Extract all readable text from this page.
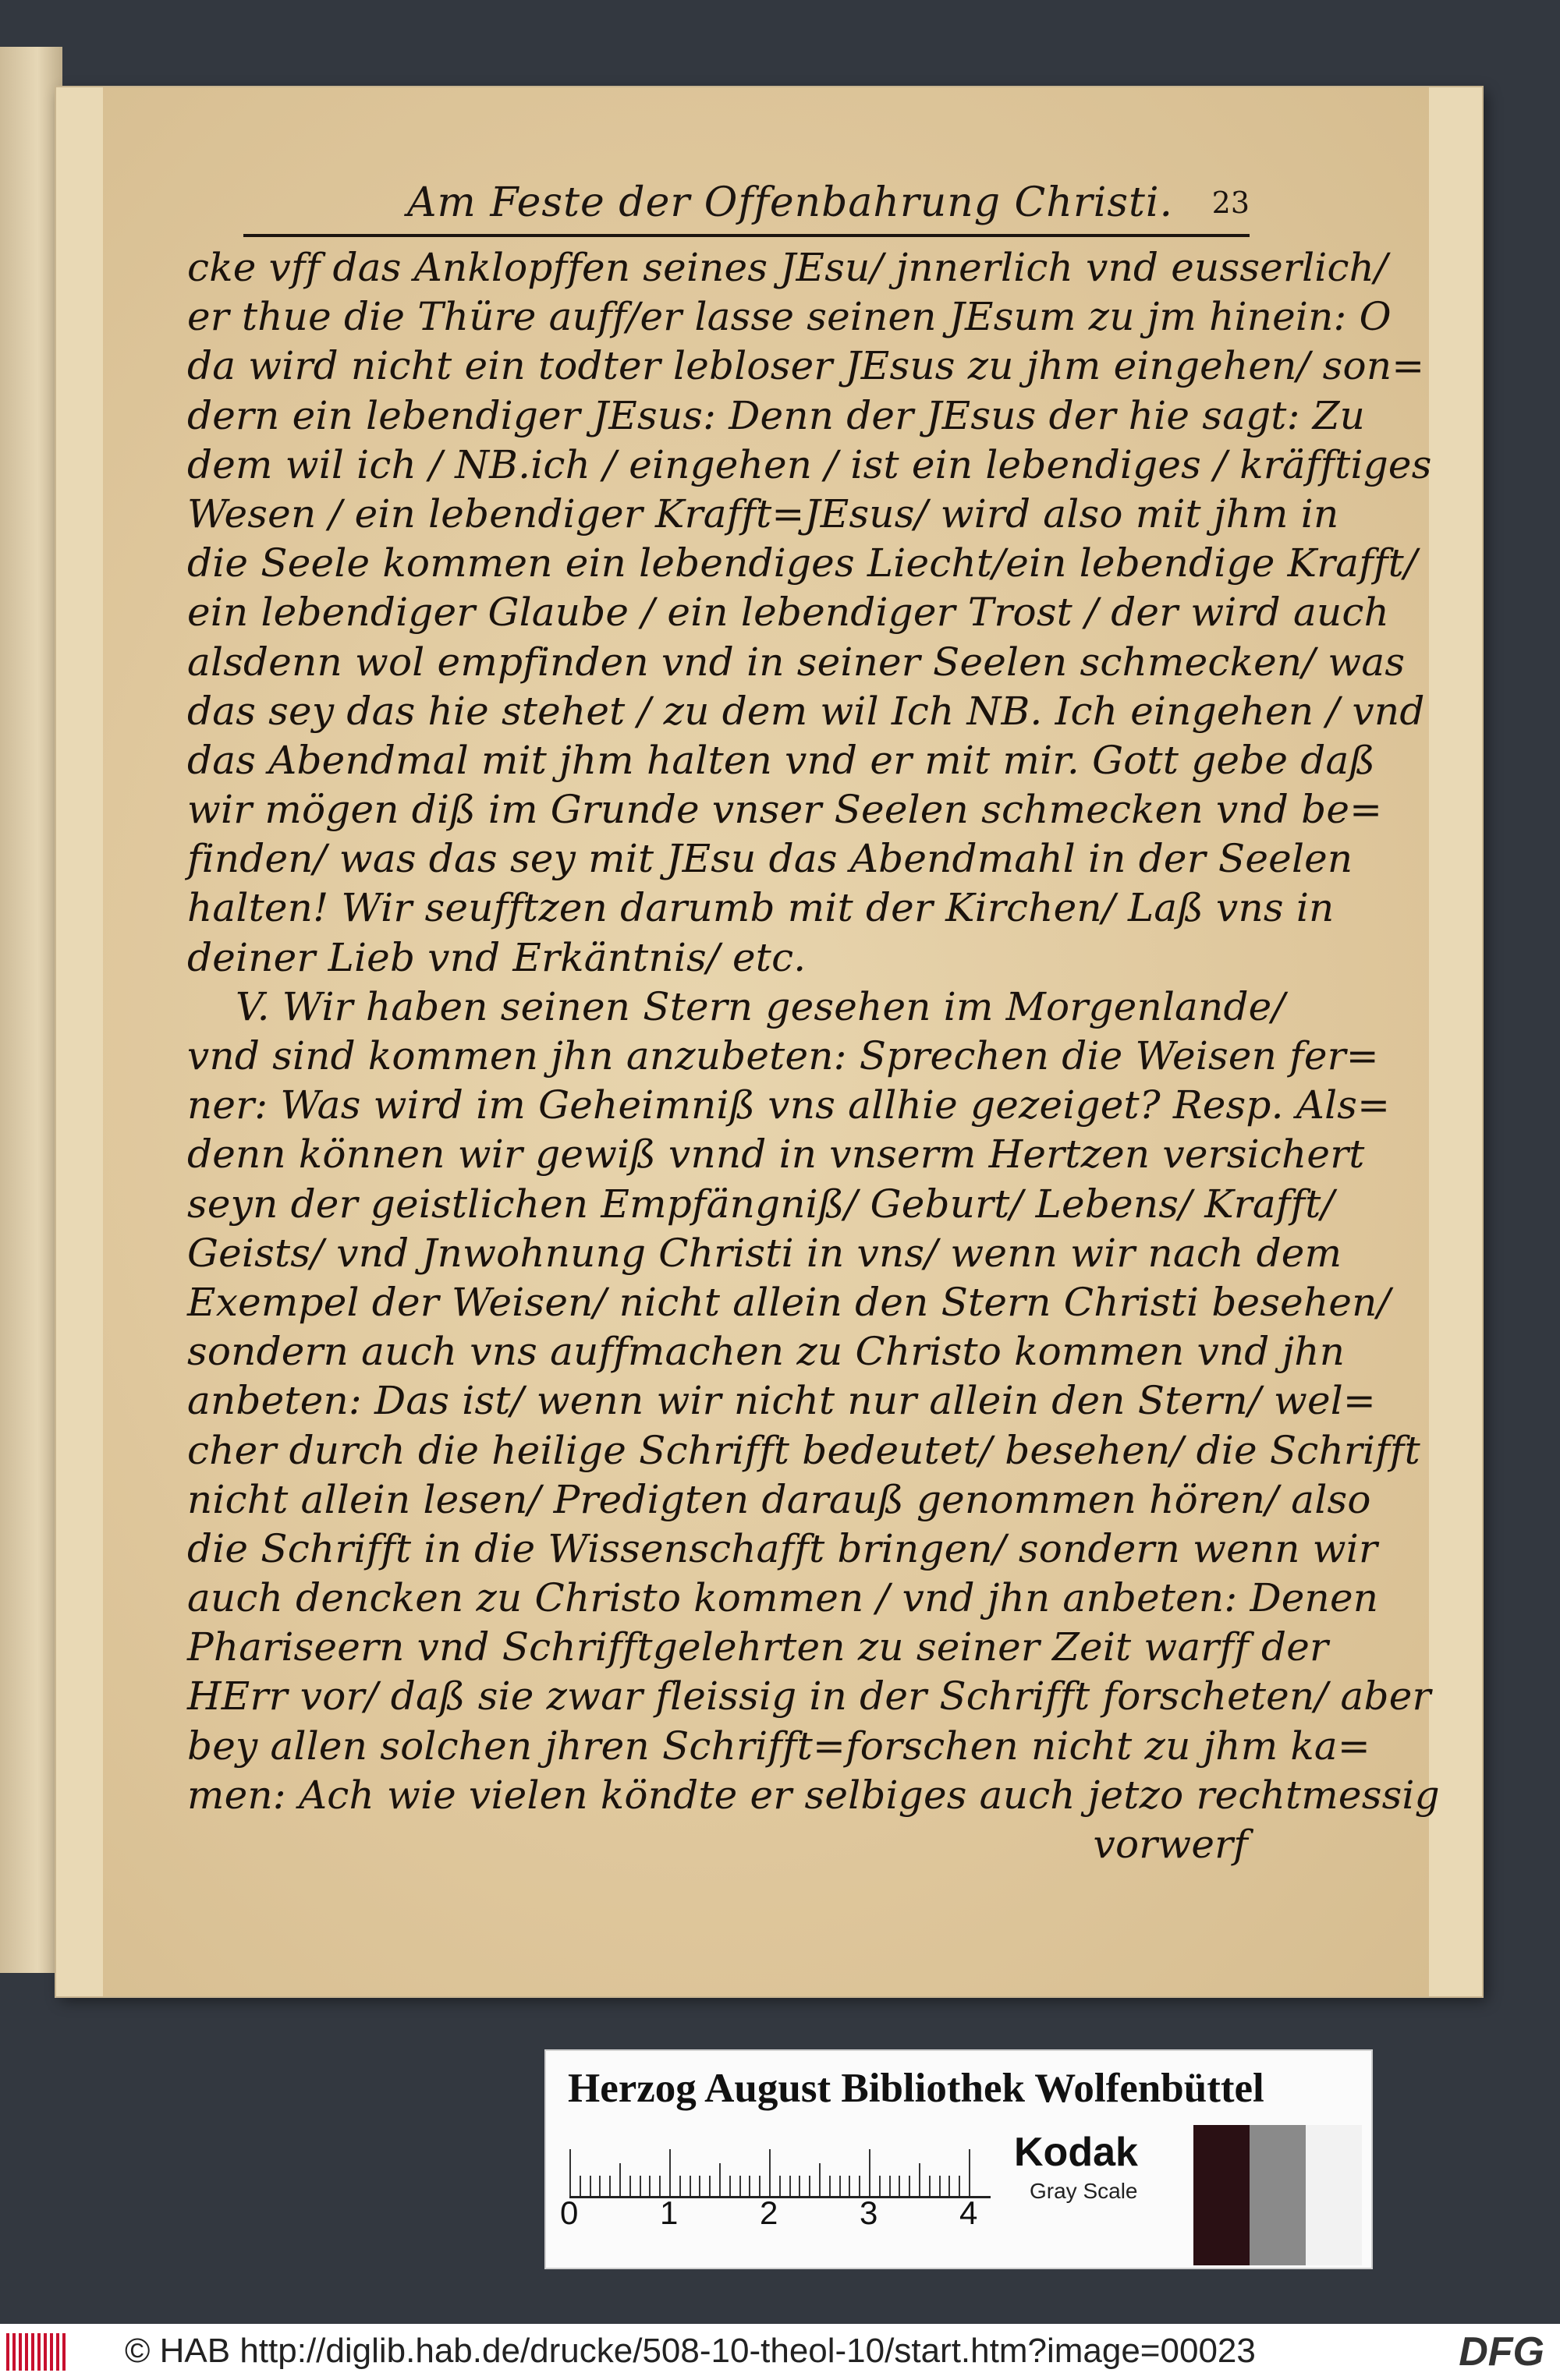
Am Feste der Offenbahrung Christi. 23
cke vff das Anklopffen seines JEsu/ jnnerlich vnd eusserlich/
er thue die Thüre auff/er lasse seinen JEsum zu jm hinein: O
da wird nicht ein todter lebloser JEsus zu jhm eingehen/ son=
dern ein lebendiger JEsus: Denn der JEsus der hie sagt: Zu
dem wil ich / NB.ich / eingehen / ist ein lebendiges / kräfftiges
Wesen / ein lebendiger Krafft=JEsus/ wird also mit jhm in
die Seele kommen ein lebendiges Liecht/ein lebendige Krafft/
ein lebendiger Glaube / ein lebendiger Trost / der wird auch
alsdenn wol empfinden vnd in seiner Seelen schmecken/ was
das sey das hie stehet / zu dem wil Ich NB. Ich eingehen / vnd
das Abendmal mit jhm halten vnd er mit mir. Gott gebe daß
wir mögen diß im Grunde vnser Seelen schmecken vnd be=
finden/ was das sey mit JEsu das Abendmahl in der Seelen
halten! Wir seufftzen darumb mit der Kirchen/ Laß vns in
deiner Lieb vnd Erkäntnis/ etc.
V. Wir haben seinen Stern gesehen im Morgenlande/
vnd sind kommen jhn anzubeten: Sprechen die Weisen fer=
ner: Was wird im Geheimniß vns allhie gezeiget? Resp. Als=
denn können wir gewiß vnnd in vnserm Hertzen versichert
seyn der geistlichen Empfängniß/ Geburt/ Lebens/ Krafft/
Geists/ vnd Jnwohnung Christi in vns/ wenn wir nach dem
Exempel der Weisen/ nicht allein den Stern Christi besehen/
sondern auch vns auffmachen zu Christo kommen vnd jhn
anbeten: Das ist/ wenn wir nicht nur allein den Stern/ wel=
cher durch die heilige Schrifft bedeutet/ besehen/ die Schrifft
nicht allein lesen/ Predigten darauß genommen hören/ also
die Schrifft in die Wissenschafft bringen/ sondern wenn wir
auch dencken zu Christo kommen / vnd jhn anbeten: Denen
Phariseern vnd Schrifftgelehrten zu seiner Zeit warff der
HErr vor/ daß sie zwar fleissig in der Schrifft forscheten/ aber
bey allen solchen jhren Schrifft=forschen nicht zu jhm ka=
men: Ach wie vielen köndte er selbiges auch jetzo rechtmessig
vorwerf
Herzog August Bibliothek Wolfenbüttel
0 1 2 3 4
Kodak
Gray Scale
© HAB http://diglib.hab.de/drucke/508-10-theol-10/start.htm?image=00023	DFG
